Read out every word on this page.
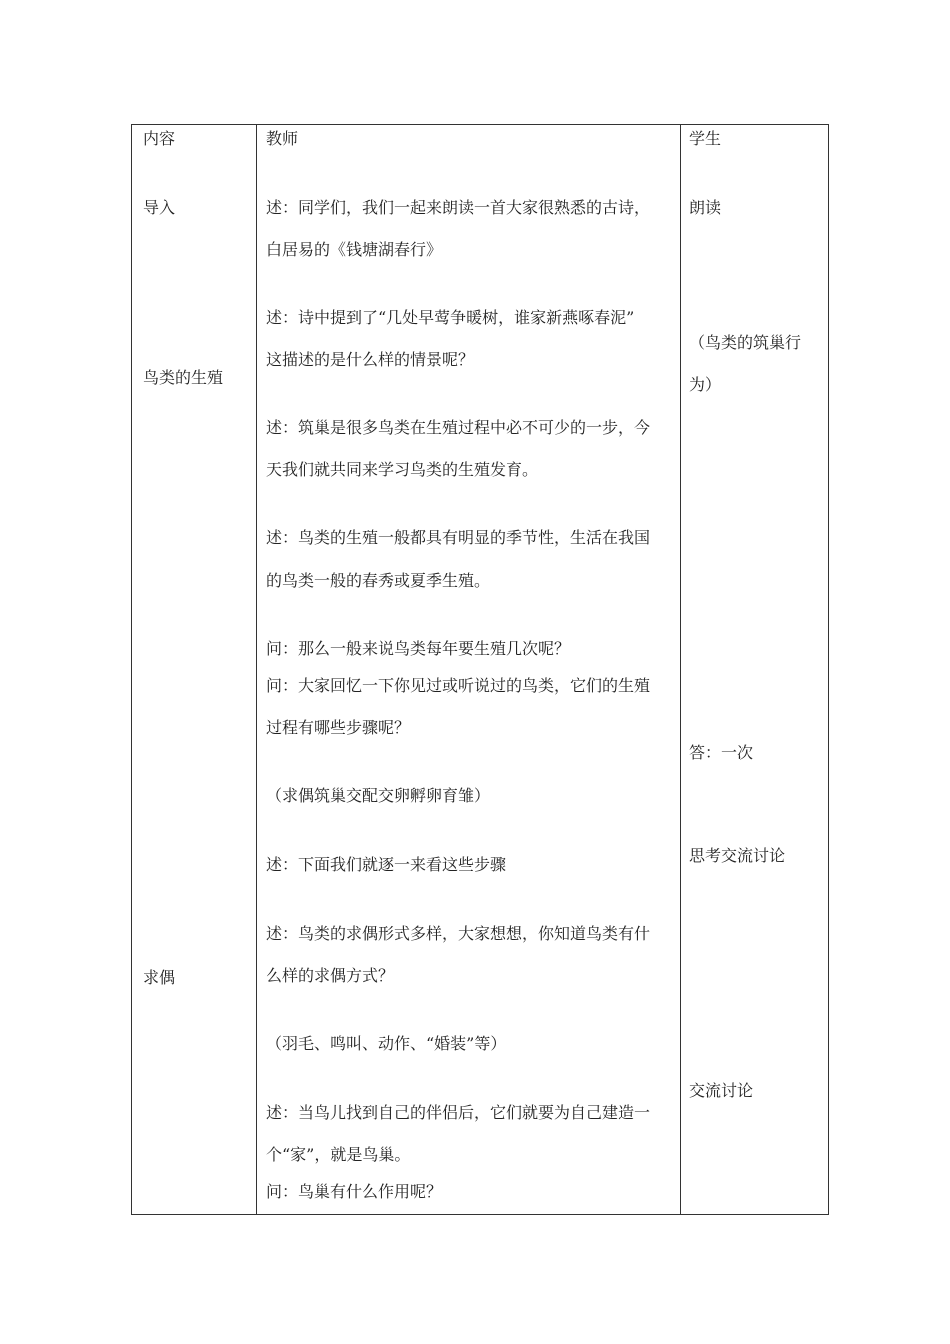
内容	教师	学生
导入
鸟类的生殖
求偶
述：同学们，我们一起来朗读一首大家很熟悉的古诗，
白居易的《钱塘湖春行》
述：诗中提到了“几处早莺争暖树，谁家新燕啄春泥”
这描述的是什么样的情景呢？
述：筑巢是很多鸟类在生殖过程中必不可少的一步，今
天我们就共同来学习鸟类的生殖发育。
述：鸟类的生殖一般都具有明显的季节性，生活在我国
的鸟类一般的春秀或夏季生殖。
问：那么一般来说鸟类每年要生殖几次呢？
问：大家回忆一下你见过或听说过的鸟类，它们的生殖
过程有哪些步骤呢？
（求偶筑巢交配交卵孵卵育雏）
述：下面我们就逐一来看这些步骤
述：鸟类的求偶形式多样，大家想想，你知道鸟类有什
么样的求偶方式？
（羽毛、鸣叫、动作、“婚装”等）
述：当鸟儿找到自己的伴侣后，它们就要为自己建造一
个“家”，就是鸟巢。
问：鸟巢有什么作用呢？
朗读
（鸟类的筑巢行
为）
答：一次
思考交流讨论
交流讨论
